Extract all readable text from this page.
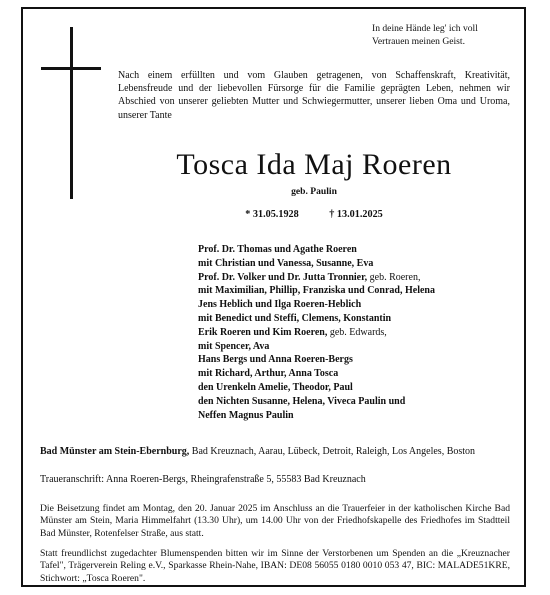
In deine Hände leg' ich voll
Vertrauen meinen Geist.
Nach einem erfüllten und vom Glauben getragenen, von Schaffenskraft, Kreativität, Lebensfreude und der liebevollen Fürsorge für die Familie geprägten Leben, nehmen wir Abschied von unserer geliebten Mutter und Schwiegermutter, unserer lieben Oma und Uroma, unserer Tante
Tosca Ida Maj Roeren
geb. Paulin
* 31.05.1928	† 13.01.2025
Prof. Dr. Thomas und Agathe Roeren
mit Christian und Vanessa, Susanne, Eva
Prof. Dr. Volker und Dr. Jutta Tronnier, geb. Roeren,
mit Maximilian, Phillip, Franziska und Conrad, Helena
Jens Heblich und Ilga Roeren-Heblich
mit Benedict und Steffi, Clemens, Konstantin
Erik Roeren und Kim Roeren, geb. Edwards,
mit Spencer, Ava
Hans Bergs und Anna Roeren-Bergs
mit Richard, Arthur, Anna Tosca
den Urenkeln Amelie, Theodor, Paul
den Nichten Susanne, Helena, Viveca Paulin und
Neffen Magnus Paulin
Bad Münster am Stein-Ebernburg, Bad Kreuznach, Aarau, Lübeck, Detroit, Raleigh, Los Angeles, Boston
Traueranschrift: Anna Roeren-Bergs, Rheingrafenstraße 5, 55583 Bad Kreuznach
Die Beisetzung findet am Montag, den 20. Januar 2025 im Anschluss an die Trauerfeier in der katholischen Kirche Bad Münster am Stein, Maria Himmelfahrt (13.30 Uhr), um 14.00 Uhr von der Friedhofskapelle des Friedhofes im Stadtteil Bad Münster, Rotenfelser Straße, aus statt.
Statt freundlichst zugedachter Blumenspenden bitten wir im Sinne der Verstorbenen um Spenden an die „Kreuznacher Tafel", Trägerverein Reling e.V., Sparkasse Rhein-Nahe, IBAN: DE08 56055 0180 0010 053 47, BIC: MALADE51KRE, Stichwort: „Tosca Roeren".
